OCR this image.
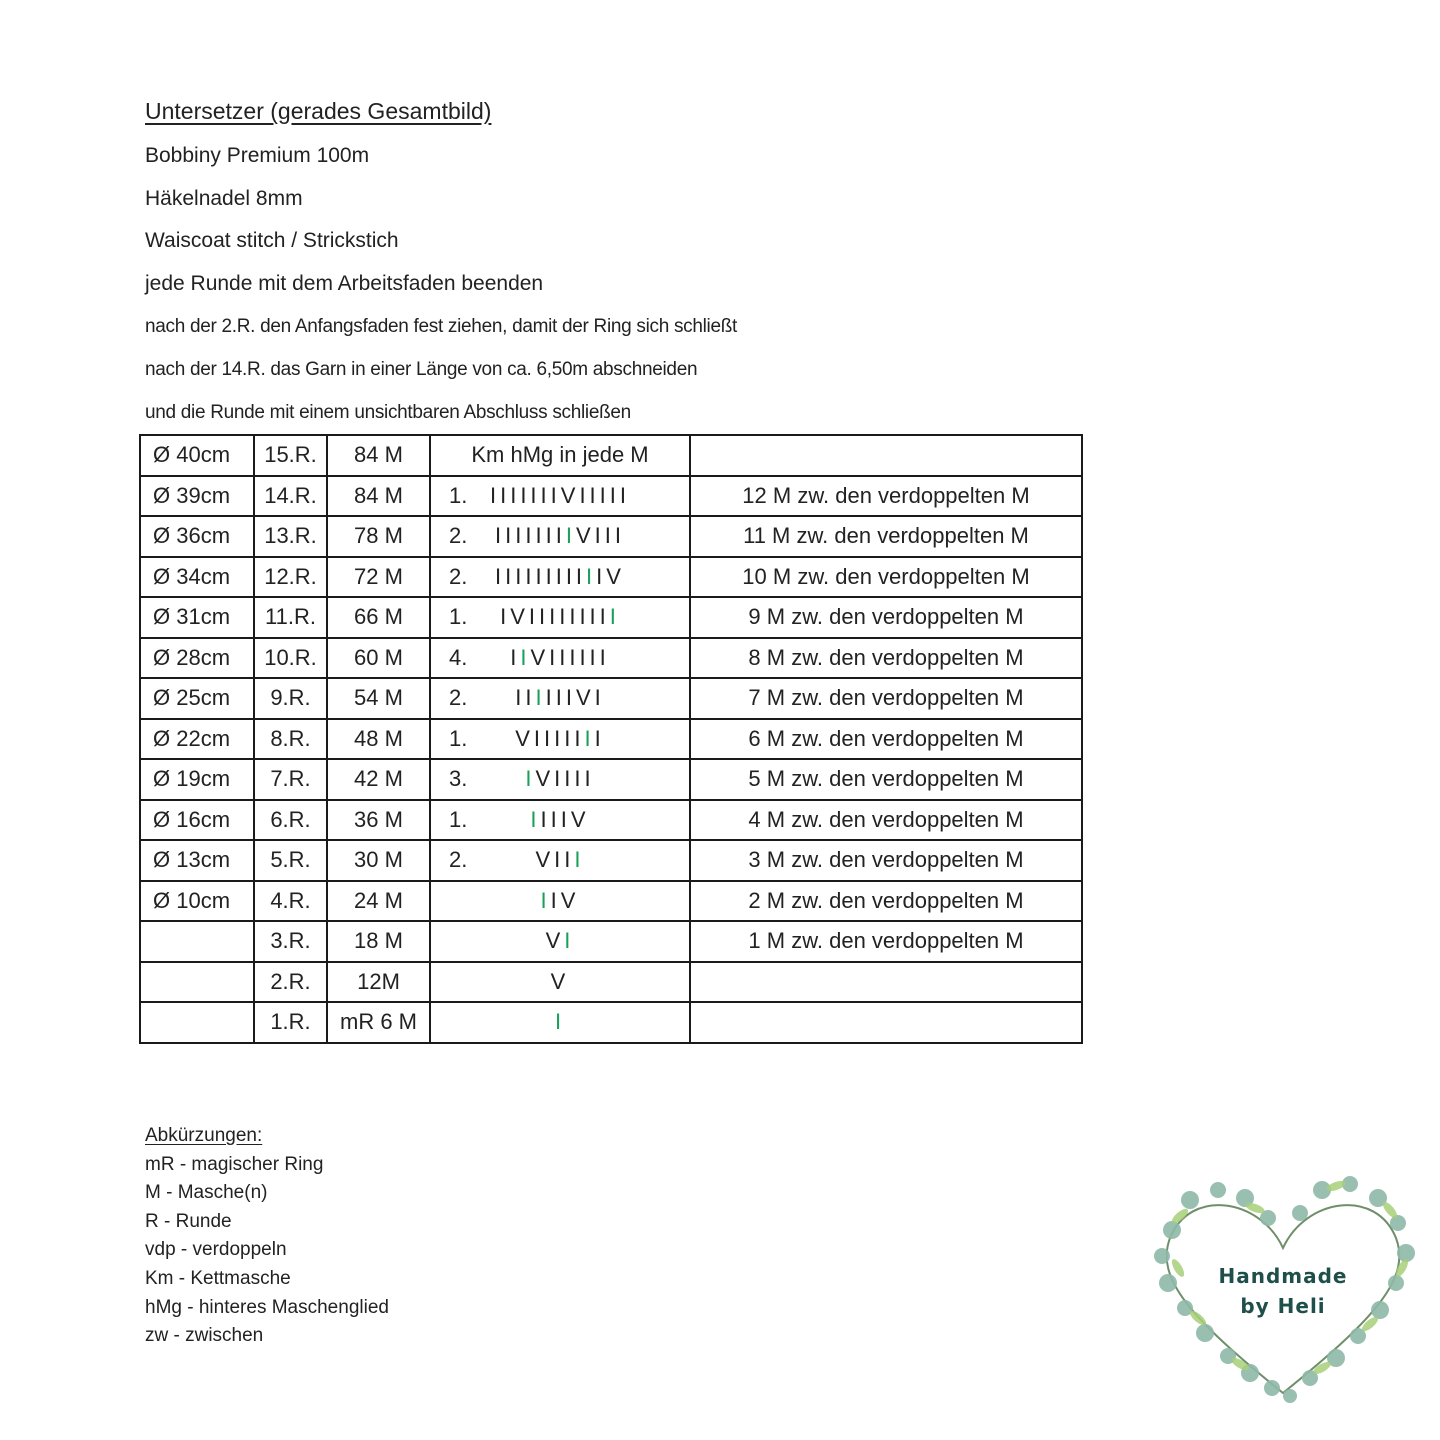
Untersetzer (gerades Gesamtbild)
Bobbiny Premium 100m
Häkelnadel 8mm
Waiscoat stitch / Strickstich
jede Runde mit dem Arbeitsfaden beenden
nach der 2.R. den Anfangsfaden fest ziehen, damit der Ring sich schließt
nach der 14.R. das Garn in einer Länge von ca. 6,50m abschneiden
und die Runde mit einem unsichtbaren Abschluss schließen
Ø 40cm	15.R.	84 M	Km hMg in jede M	
Ø 39cm	14.R.	84 M	1. IIIIIIIVIIIII	12 M zw. den verdoppelten M
Ø 36cm	13.R.	78 M	2. IIIIIIIIVIII	11 M zw. den verdoppelten M
Ø 34cm	12.R.	72 M	2. IIIIIIIIIIIV	10 M zw. den verdoppelten M
Ø 31cm	11.R.	66 M	1. IVIIIIIIIII	9 M zw. den verdoppelten M
Ø 28cm	10.R.	60 M	4. IIVIIIIII	8 M zw. den verdoppelten M
Ø 25cm	9.R.	54 M	2. IIIIIIVI	7 M zw. den verdoppelten M
Ø 22cm	8.R.	48 M	1. VIIIIIII	6 M zw. den verdoppelten M
Ø 19cm	7.R.	42 M	3. IVIIII	5 M zw. den verdoppelten M
Ø 16cm	6.R.	36 M	1. IIIIV	4 M zw. den verdoppelten M
Ø 13cm	5.R.	30 M	2. VIII	3 M zw. den verdoppelten M
Ø 10cm	4.R.	24 M	IIV	2 M zw. den verdoppelten M
	3.R.	18 M	VI	1 M zw. den verdoppelten M
	2.R.	12M	V	
	1.R.	mR 6 M	I	
Abkürzungen:
mR - magischer Ring
M - Masche(n)
R - Runde
vdp - verdoppeln
Km - Kettmasche
hMg - hinteres Maschenglied
zw - zwischen
Handmade
by Heli
